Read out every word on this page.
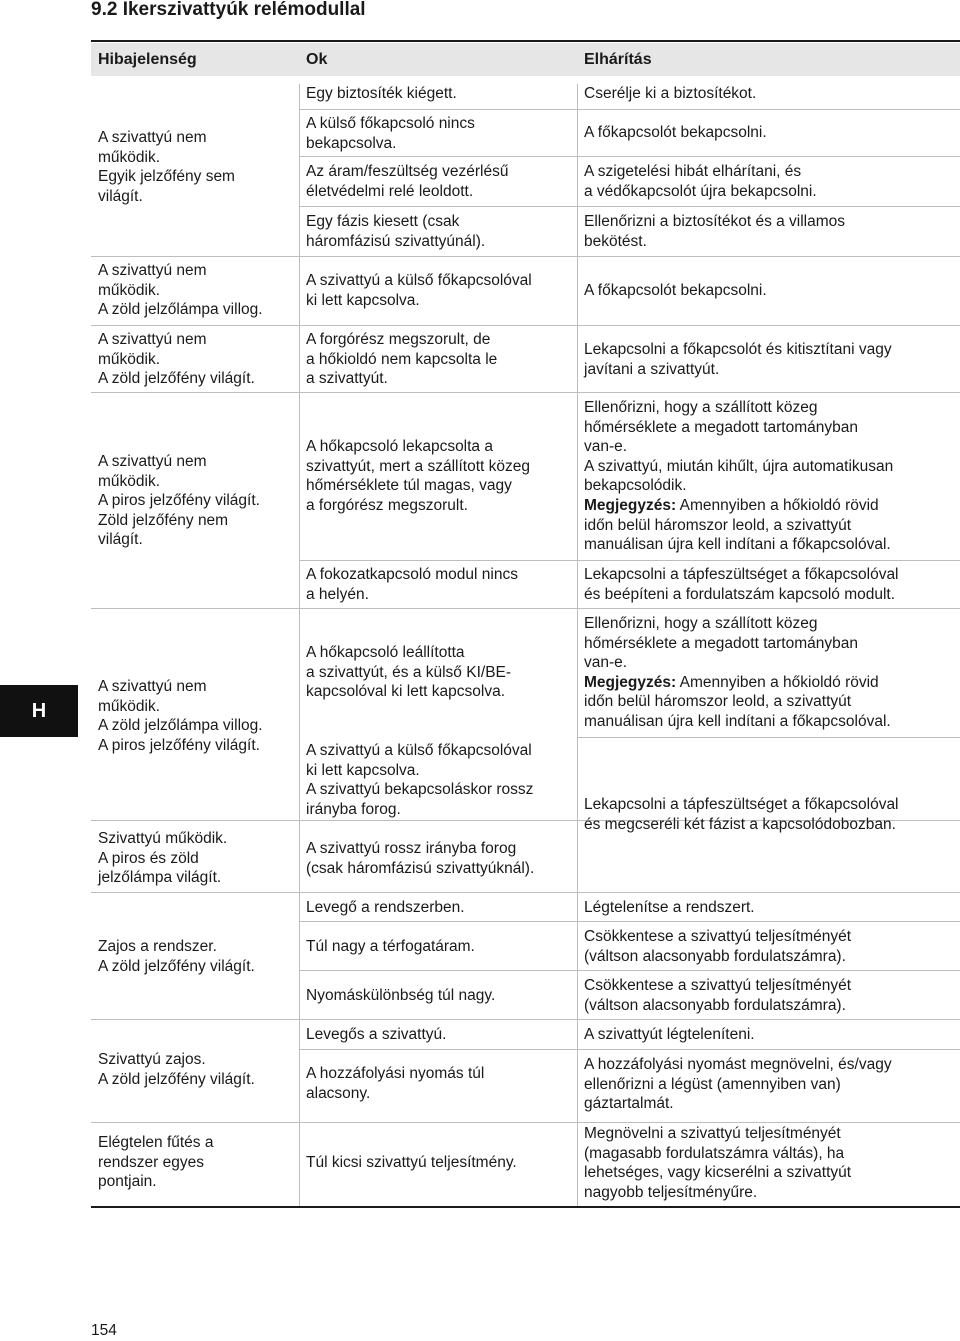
9.2 Ikerszivattyúk relémodullal
Hibajelenség	Ok	Elhárítás
A szivattyú nem
működik.
Egyik jelzőfény sem
világít.
A szivattyú nem
működik.
A zöld jelzőlámpa villog.
A szivattyú nem
működik.
A zöld jelzőfény világít.
A szivattyú nem
működik.
A piros jelzőfény világít.
Zöld jelzőfény nem
világít.
A szivattyú nem
működik.
A zöld jelzőlámpa villog.
A piros jelzőfény világít.
Szivattyú működik.
A piros és zöld
jelzőlámpa világít.
Zajos a rendszer.
A zöld jelzőfény világít.
Szivattyú zajos.
A zöld jelzőfény világít.
Elégtelen fűtés a
rendszer egyes
pontjain.
Egy biztosíték kiégett.
A külső főkapcsoló nincs
bekapcsolva.
Az áram/feszültség vezérlésű
életvédelmi relé leoldott.
Egy fázis kiesett (csak
háromfázisú szivattyúnál).
A szivattyú a külső főkapcsolóval
ki lett kapcsolva.
A forgórész megszorult, de
a hőkioldó nem kapcsolta le
a szivattyút.
A hőkapcsoló lekapcsolta a
szivattyút, mert a szállított közeg
hőmérséklete túl magas, vagy
a forgórész megszorult.
A fokozatkapcsoló modul nincs
a helyén.
A hőkapcsoló leállította
a szivattyút, és a külső KI/BE-
kapcsolóval ki lett kapcsolva.
A szivattyú a külső főkapcsolóval
ki lett kapcsolva.
A szivattyú bekapcsoláskor rossz
irányba forog.
A szivattyú rossz irányba forog
(csak háromfázisú szivattyúknál).
Levegő a rendszerben.
Túl nagy a térfogatáram.
Nyomáskülönbség túl nagy.
Levegős a szivattyú.
A hozzáfolyási nyomás túl
alacsony.
Túl kicsi szivattyú teljesítmény.
Cserélje ki a biztosítékot.
A főkapcsolót bekapcsolni.
A szigetelési hibát elhárítani, és
a védőkapcsolót újra bekapcsolni.
Ellenőrizni a biztosítékot és a villamos
bekötést.
A főkapcsolót bekapcsolni.
Lekapcsolni a főkapcsolót és kitisztítani vagy
javítani a szivattyút.
Ellenőrizni, hogy a szállított közeg
hőmérséklete a megadott tartományban
van-e.
A szivattyú, miután kihűlt, újra automatikusan
bekapcsolódik.
Megjegyzés: Amennyiben a hőkioldó rövid
időn belül háromszor leold, a szivattyút
manuálisan újra kell indítani a főkapcsolóval.
Lekapcsolni a tápfeszültséget a főkapcsolóval
és beépíteni a fordulatszám kapcsoló modult.
Ellenőrizni, hogy a szállított közeg
hőmérséklete a megadott tartományban
van-e.
Megjegyzés: Amennyiben a hőkioldó rövid
időn belül háromszor leold, a szivattyút
manuálisan újra kell indítani a főkapcsolóval.
Lekapcsolni a tápfeszültséget a főkapcsolóval
és megcseréli két fázist a kapcsolódobozban.
Légtelenítse a rendszert.
Csökkentese a szivattyú teljesítményét
(váltson alacsonyabb fordulatszámra).
Csökkentese a szivattyú teljesítményét
(váltson alacsonyabb fordulatszámra).
A szivattyút légteleníteni.
A hozzáfolyási nyomást megnövelni, és/vagy
ellenőrizni a légüst (amennyiben van)
gáztartalmát.
Megnövelni a szivattyú teljesítményét
(magasabb fordulatszámra váltás), ha
lehetséges, vagy kicserélni a szivattyút
nagyobb teljesítményűre.
H
154
